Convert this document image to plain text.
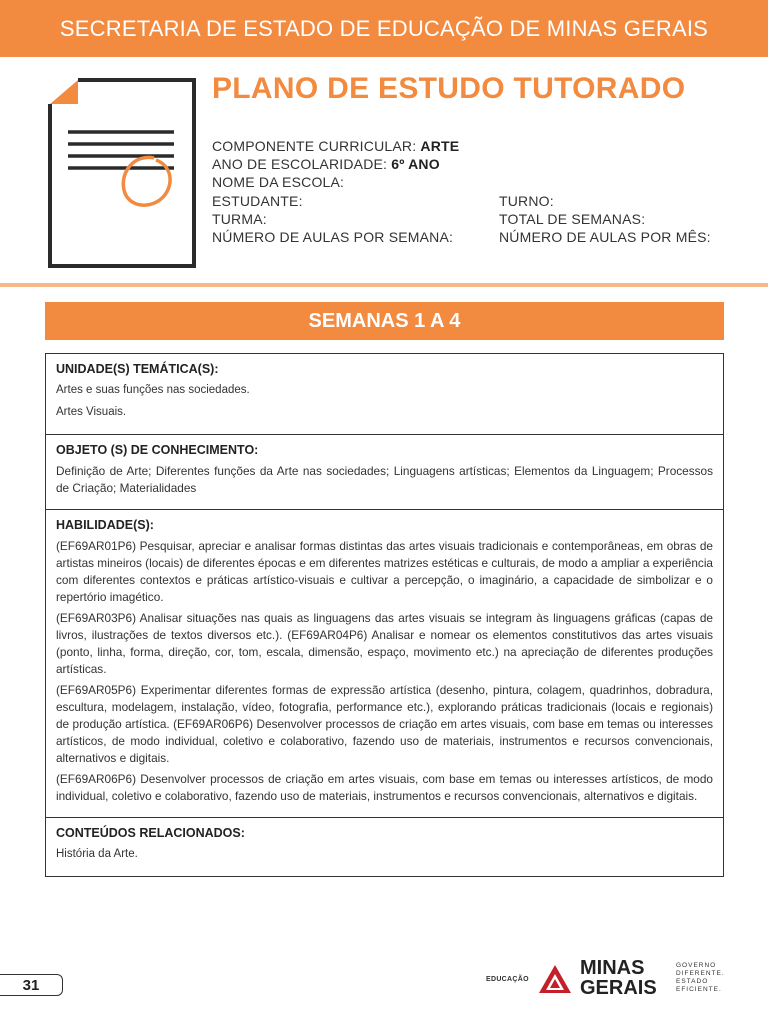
SECRETARIA DE ESTADO DE EDUCAÇÃO DE MINAS GERAIS
PLANO DE ESTUDO TUTORADO
COMPONENTE CURRICULAR: ARTE
ANO DE ESCOLARIDADE: 6º ANO
NOME DA ESCOLA:
ESTUDANTE:
TURMA:
NÚMERO DE AULAS POR SEMANA:
TURNO:
TOTAL DE SEMANAS:
NÚMERO DE AULAS POR MÊS:
SEMANAS 1 A 4

UNIDADE(S) TEMÁTICA(S):

Artes e suas funções nas sociedades.

Artes Visuais.

OBJETO (S) DE CONHECIMENTO:

Definição de Arte; Diferentes funções da Arte nas sociedades; Linguagens artísticas; Elementos da Linguagem; Processos de Criação; Materialidades

HABILIDADE(S):

(EF69AR01P6) Pesquisar, apreciar e analisar formas distintas das artes visuais tradicionais e contemporâneas, em obras de artistas mineiros (locais) de diferentes épocas e em diferentes matrizes estéticas e culturais, de modo a ampliar a experiência com diferentes contextos e práticas artístico-visuais e cultivar a percepção, o imaginário, a capacidade de simbolizar e o repertório imagético.

(EF69AR03P6) Analisar situações nas quais as linguagens das artes visuais se integram às linguagens gráficas (capas de livros, ilustrações de textos diversos etc.). (EF69AR04P6) Analisar e nomear os elementos constitutivos das artes visuais (ponto, linha, forma, direção, cor, tom, escala, dimensão, espaço, movimento etc.) na apreciação de diferentes produções artísticas.

(EF69AR05P6) Experimentar diferentes formas de expressão artística (desenho, pintura, colagem, quadrinhos, dobradura, escultura, modelagem, instalação, vídeo, fotografia, performance etc.), explorando práticas tradicionais (locais e regionais) de produção artística. (EF69AR06P6) Desenvolver processos de criação em artes visuais, com base em temas ou interesses artísticos, de modo individual, coletivo e colaborativo, fazendo uso de materiais, instrumentos e recursos convencionais, alternativos e digitais.

(EF69AR06P6) Desenvolver processos de criação em artes visuais, com base em temas ou interesses artísticos, de modo individual, coletivo e colaborativo, fazendo uso de materiais, instrumentos e recursos convencionais, alternativos e digitais.

CONTEÚDOS RELACIONADOS:

História da Arte.

31	EDUCAÇÃO
MINAS
GERAIS
GOVERNO
DIFERENTE.
ESTADO
EFICIENTE.
